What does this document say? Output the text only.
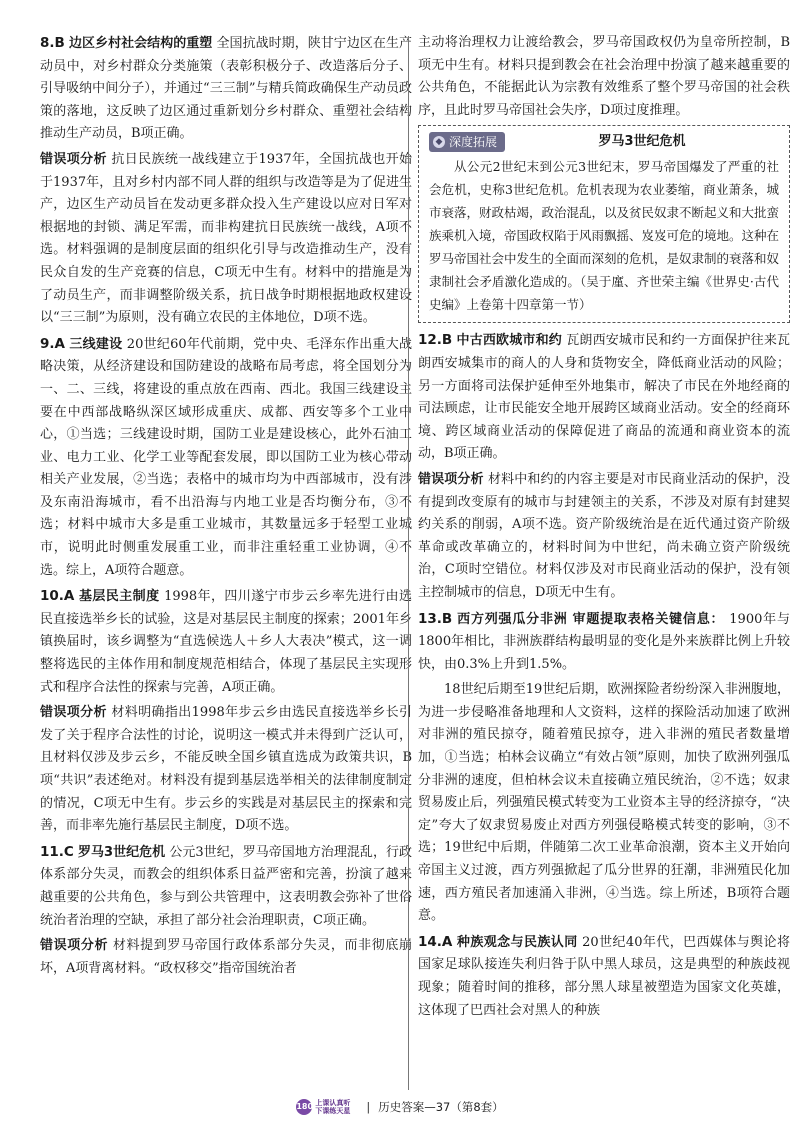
8.B 边区乡村社会结构的重塑 全国抗战时期，陕甘宁边区在生产动员中，对乡村群众分类施策（表彰积极分子、改造落后分子、引导吸纳中间分子），并通过“三三制”与精兵简政确保生产动员政策的落地，这反映了边区通过重新划分乡村群众、重塑社会结构推动生产动员，B项正确。
错误项分析 抗日民族统一战线建立于1937年，全国抗战也开始于1937年，且对乡村内部不同人群的组织与改造等是为了促进生产，边区生产动员旨在发动更多群众投入生产建设以应对日军对根据地的封锁、满足军需，而非构建抗日民族统一战线，A项不选。材料强调的是制度层面的组织化引导与改造推动生产，没有民众自发的生产竞赛的信息，C项无中生有。材料中的措施是为了动员生产，而非调整阶级关系，抗日战争时期根据地政权建设以“三三制”为原则，没有确立农民的主体地位，D项不选。
9.A 三线建设 20世纪60年代前期，党中央、毛泽东作出重大战略决策，从经济建设和国防建设的战略布局考虑，将全国划分为一、二、三线，将建设的重点放在西南、西北。我国三线建设主要在中西部战略纵深区域形成重庆、成都、西安等多个工业中心，①当选；三线建设时期，国防工业是建设核心，此外石油工业、电力工业、化学工业等配套发展，即以国防工业为核心带动相关产业发展，②当选；表格中的城市均为中西部城市，没有涉及东南沿海城市，看不出沿海与内地工业是否均衡分布，③不选；材料中城市大多是重工业城市，其数量远多于轻型工业城市，说明此时侧重发展重工业，而非注重轻重工业协调，④不选。综上，A项符合题意。
10.A 基层民主制度 1998年，四川遂宁市步云乡率先进行由选民直接选举乡长的试验，这是对基层民主制度的探索；2001年乡镇换届时，该乡调整为“直选候选人＋乡人大表决”模式，这一调整将选民的主体作用和制度规范相结合，体现了基层民主实现形式和程序合法性的探索与完善，A项正确。
错误项分析 材料明确指出1998年步云乡由选民直接选举乡长引发了关于程序合法性的讨论，说明这一模式并未得到广泛认可，且材料仅涉及步云乡，不能反映全国乡镇直选成为政策共识，B项“共识”表述绝对。材料没有提到基层选举相关的法律制度制定的情况，C项无中生有。步云乡的实践是对基层民主的探索和完善，而非率先施行基层民主制度，D项不选。
11.C 罗马3世纪危机 公元3世纪，罗马帝国地方治理混乱，行政体系部分失灵，而教会的组织体系日益严密和完善，扮演了越来越重要的公共角色，参与到公共管理中，这表明教会弥补了世俗统治者治理的空缺，承担了部分社会治理职责，C项正确。
错误项分析 材料提到罗马帝国行政体系部分失灵，而非彻底崩坏，A项背离材料。“政权移交”指帝国统治者
主动将治理权力让渡给教会，罗马帝国政权仍为皇帝所控制，B项无中生有。材料只提到教会在社会治理中扮演了越来越重要的公共角色，不能据此认为宗教有效维系了整个罗马帝国的社会秩序，且此时罗马帝国社会失序，D项过度推理。
◆ 深度拓展	罗马3世纪危机
从公元2世纪末到公元3世纪末，罗马帝国爆发了严重的社会危机，史称3世纪危机。危机表现为农业萎缩，商业萧条，城市衰落，财政枯竭，政治混乱，以及贫民奴隶不断起义和大批蛮族乘机入境，帝国政权陷于风雨飘摇、岌岌可危的境地。这种在罗马帝国社会中发生的全面而深刻的危机，是奴隶制的衰落和奴隶制社会矛盾激化造成的。（吴于廑、齐世荣主编《世界史·古代史编》上卷第十四章第一节）
12.B 中古西欧城市和约 瓦朗西安城市民和约一方面保护往来瓦朗西安城集市的商人的人身和货物安全，降低商业活动的风险；另一方面将司法保护延伸至外地集市，解决了市民在外地经商的司法顾虑，让市民能安全地开展跨区域商业活动。安全的经商环境、跨区域商业活动的保障促进了商品的流通和商业资本的流动，B项正确。
错误项分析 材料中和约的内容主要是对市民商业活动的保护，没有提到改变原有的城市与封建领主的关系，不涉及对原有封建契约关系的削弱，A项不选。资产阶级统治是在近代通过资产阶级革命或改革确立的，材料时间为中世纪，尚未确立资产阶级统治，C项时空错位。材料仅涉及对市民商业活动的保护，没有领主控制城市的信息，D项无中生有。
13.B 西方列强瓜分非洲 审题提取表格关键信息： 1900年与1800年相比，非洲族群结构最明显的变化是外来族群比例上升较快，由0.3%上升到1.5%。
18世纪后期至19世纪后期，欧洲探险者纷纷深入非洲腹地，为进一步侵略准备地理和人文资料，这样的探险活动加速了欧洲对非洲的殖民掠夺，随着殖民掠夺，进入非洲的殖民者数量增加，①当选；柏林会议确立“有效占领”原则，加快了欧洲列强瓜分非洲的速度，但柏林会议未直接确立殖民统治，②不选；奴隶贸易废止后，列强殖民模式转变为工业资本主导的经济掠夺，“决定”夸大了奴隶贸易废止对西方列强侵略模式转变的影响，③不选；19世纪中后期，伴随第二次工业革命浪潮，资本主义开始向帝国主义过渡，西方列强掀起了瓜分世界的狂潮，非洲殖民化加速，西方殖民者加速涌入非洲，④当选。综上所述，B项符合题意。
14.A 种族观念与民族认同 20世纪40年代，巴西媒体与舆论将国家足球队接连失利归咎于队中黑人球员，这是典型的种族歧视现象；随着时间的推移，部分黑人球星被塑造为国家文化英雄，这体现了巴西社会对黑人的种族
180 上课认真听
下课练天星 | 历史答案—37（第8套）
